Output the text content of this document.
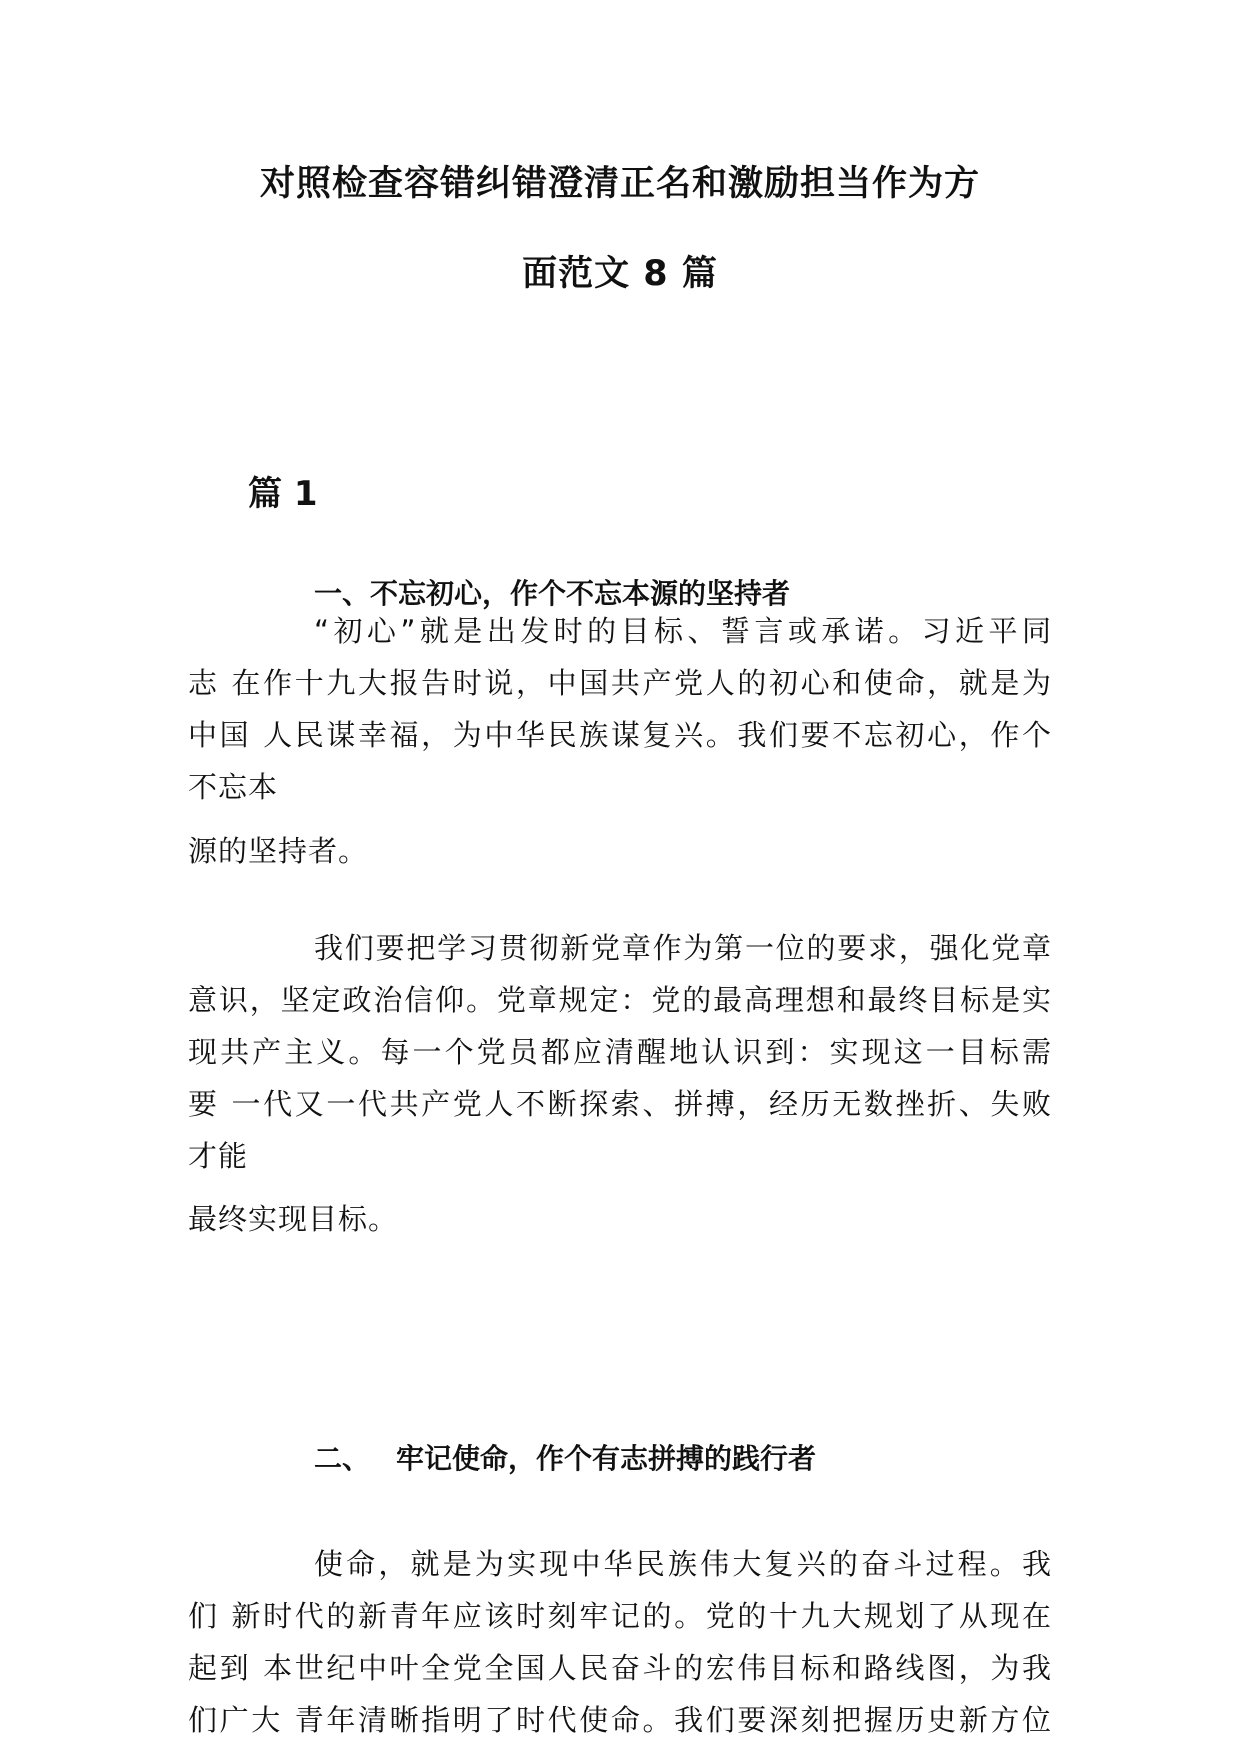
对照检查容错纠错澄清正名和激励担当作为方
面范文 8 篇
篇 1
一、不忘初心，作个不忘本源的坚持者
“初心”就是出发时的目标、誓言或承诺。习近平同
志 在作十九大报告时说，中国共产党人的初心和使命，就是为
中国 人民谋幸福，为中华民族谋复兴。我们要不忘初心，作个
不忘本
源的坚持者。
我们要把学习贯彻新党章作为第一位的要求，强化党章
意识，坚定政治信仰。党章规定：党的最高理想和最终目标是实
现共产主义。每一个党员都应清醒地认识到：实现这一目标需
要 一代又一代共产党人不断探索、拼搏，经历无数挫折、失败
才能
最终实现目标。
二、 牢记使命，作个有志拼搏的践行者
使命，就是为实现中华民族伟大复兴的奋斗过程。我
们 新时代的新青年应该时刻牢记的。党的十九大规划了从现在
起到 本世纪中叶全党全国人民奋斗的宏伟目标和路线图，为我
们广大 青年清晰指明了时代使命。我们要深刻把握历史新方位
